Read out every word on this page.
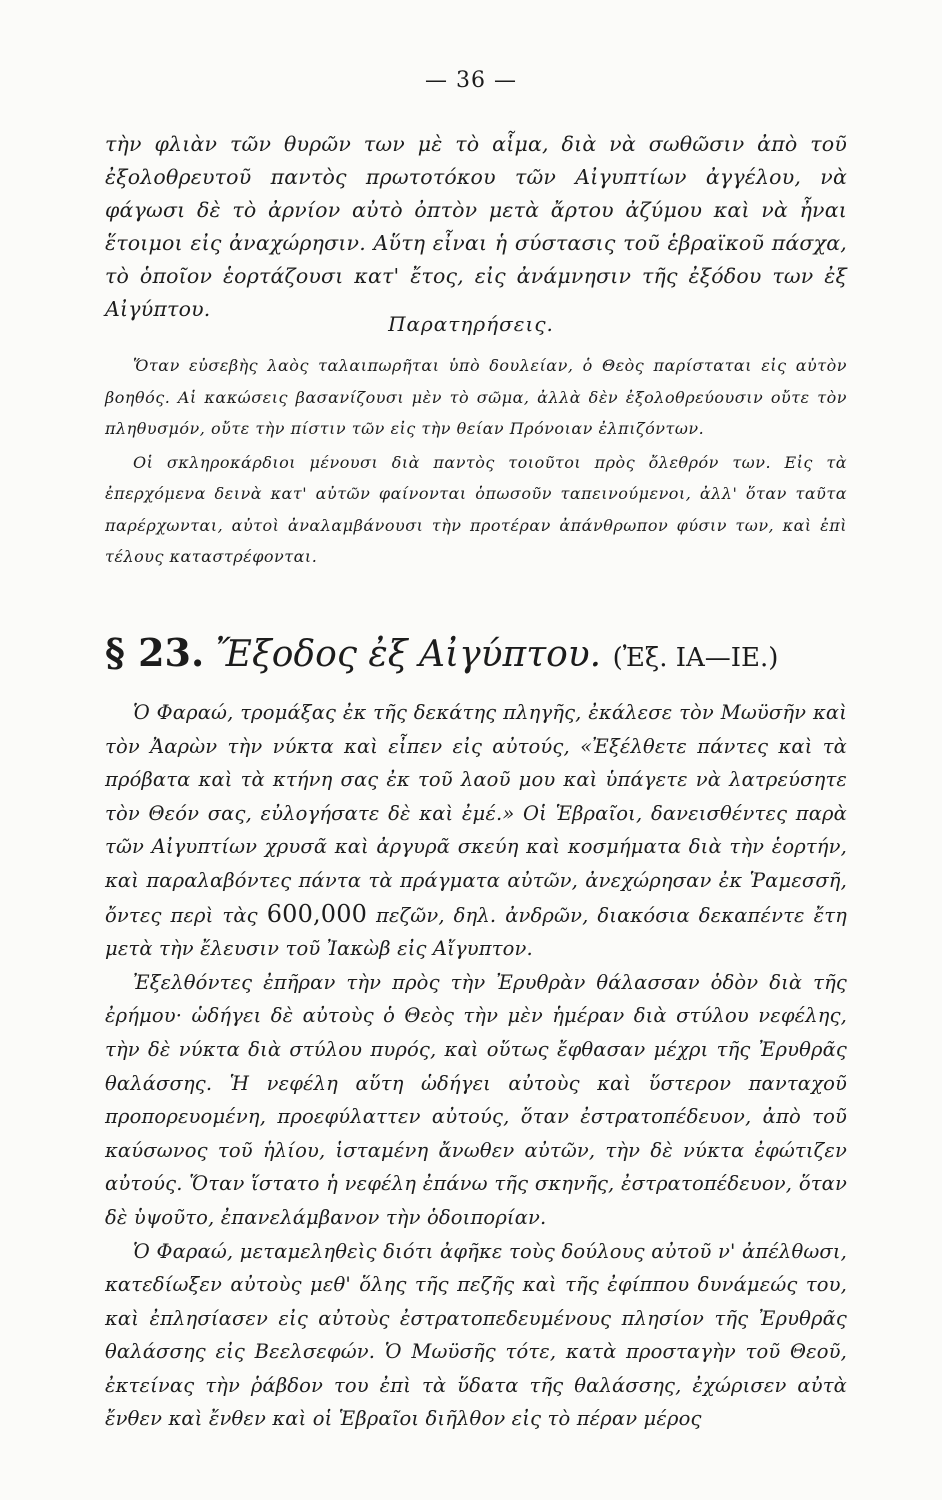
— 36 —

τὴν φλιὰν τῶν θυρῶν των μὲ τὸ αἷμα, διὰ νὰ σωθῶσιν ἀπὸ τοῦ ἐξολοθρευτοῦ παντὸς πρωτοτόκου τῶν Αἰγυπτίων ἀγγέλου, νὰ φάγωσι δὲ τὸ ἀρνίον αὐτὸ ὀπτὸν μετὰ ἄρτου ἀζύμου καὶ νὰ ἦναι ἕτοιμοι εἰς ἀναχώρησιν. Αὕτη εἶναι ἡ σύστασις τοῦ ἑβραϊκοῦ πάσχα, τὸ ὁποῖον ἑορτάζουσι κατ' ἔτος, εἰς ἀνάμνησιν τῆς ἐξόδου των ἐξ Αἰγύπτου.

Παρατηρήσεις.

Ὅταν εὐσεβὴς λαὸς ταλαιπωρῆται ὑπὸ δουλείαν, ὁ Θεὸς παρίσταται εἰς αὐτὸν βοηθός. Αἱ κακώσεις βασανίζουσι μὲν τὸ σῶμα, ἀλλὰ δὲν ἐξολοθρεύουσιν οὔτε τὸν πληθυσμόν, οὔτε τὴν πίστιν τῶν εἰς τὴν θείαν Πρόνοιαν ἐλπιζόντων.

Οἱ σκληροκάρδιοι μένουσι διὰ παντὸς τοιοῦτοι πρὸς ὄλεθρόν των. Εἰς τὰ ἐπερχόμενα δεινὰ κατ' αὐτῶν φαίνονται ὁπωσοῦν ταπεινούμενοι, ἀλλ' ὅταν ταῦτα παρέρχωνται, αὐτοὶ ἀναλαμβάνουσι τὴν προτέραν ἀπάνθρωπον φύσιν των, καὶ ἐπὶ τέλους καταστρέφονται.

§ 23. Ἔξοδος ἐξ Αἰγύπτου. (Ἐξ. ΙΑ—ΙΕ.)

Ὁ Φαραώ, τρομάξας ἐκ τῆς δεκάτης πληγῆς, ἐκάλεσε τὸν Μωϋσῆν καὶ τὸν Ἀαρὼν τὴν νύκτα καὶ εἶπεν εἰς αὐτούς, «Ἐξέλθετε πάντες καὶ τὰ πρόβατα καὶ τὰ κτήνη σας ἐκ τοῦ λαοῦ μου καὶ ὑπάγετε νὰ λατρεύσητε τὸν Θεόν σας, εὐλογήσατε δὲ καὶ ἐμέ.» Οἱ Ἑβραῖοι, δανεισθέντες παρὰ τῶν Αἰγυπτίων χρυσᾶ καὶ ἀργυρᾶ σκεύη καὶ κοσμήματα διὰ τὴν ἑορτήν, καὶ παραλαβόντες πάντα τὰ πράγματα αὐτῶν, ἀνεχώρησαν ἐκ Ῥαμεσσῆ, ὄντες περὶ τὰς 600,000 πεζῶν, δηλ. ἀνδρῶν, διακόσια δεκαπέντε ἔτη μετὰ τὴν ἔλευσιν τοῦ Ἰακὼβ εἰς Αἴγυπτον.

Ἐξελθόντες ἐπῆραν τὴν πρὸς τὴν Ἐρυθρὰν θάλασσαν ὁδὸν διὰ τῆς ἐρήμου· ὡδήγει δὲ αὐτοὺς ὁ Θεὸς τὴν μὲν ἡμέραν διὰ στύλου νεφέλης, τὴν δὲ νύκτα διὰ στύλου πυρός, καὶ οὕτως ἔφθασαν μέχρι τῆς Ἐρυθρᾶς θαλάσσης. Ἡ νεφέλη αὕτη ὡδήγει αὐτοὺς καὶ ὕστερον πανταχοῦ προπορευομένη, προεφύλαττεν αὐτούς, ὅταν ἐστρατοπέδευον, ἀπὸ τοῦ καύσωνος τοῦ ἡλίου, ἱσταμένη ἄνωθεν αὐτῶν, τὴν δὲ νύκτα ἐφώτιζεν αὐτούς. Ὅταν ἵστατο ἡ νεφέλη ἐπάνω τῆς σκηνῆς, ἐστρατοπέδευον, ὅταν δὲ ὑψοῦτο, ἐπανελάμβανον τὴν ὁδοιπορίαν.

Ὁ Φαραώ, μεταμεληθεὶς διότι ἀφῆκε τοὺς δούλους αὐτοῦ ν' ἀπέλθωσι, κατεδίωξεν αὐτοὺς μεθ' ὅλης τῆς πεζῆς καὶ τῆς ἐφίππου δυνάμεώς του, καὶ ἐπλησίασεν εἰς αὐτοὺς ἐστρατοπεδευμένους πλησίον τῆς Ἐρυθρᾶς θαλάσσης εἰς Βεελσεφών. Ὁ Μωϋσῆς τότε, κατὰ προσταγὴν τοῦ Θεοῦ, ἐκτείνας τὴν ῥάβδον του ἐπὶ τὰ ὕδατα τῆς θαλάσσης, ἐχώρισεν αὐτὰ ἔνθεν καὶ ἔνθεν καὶ οἱ Ἑβραῖοι διῆλθον εἰς τὸ πέραν μέρος
